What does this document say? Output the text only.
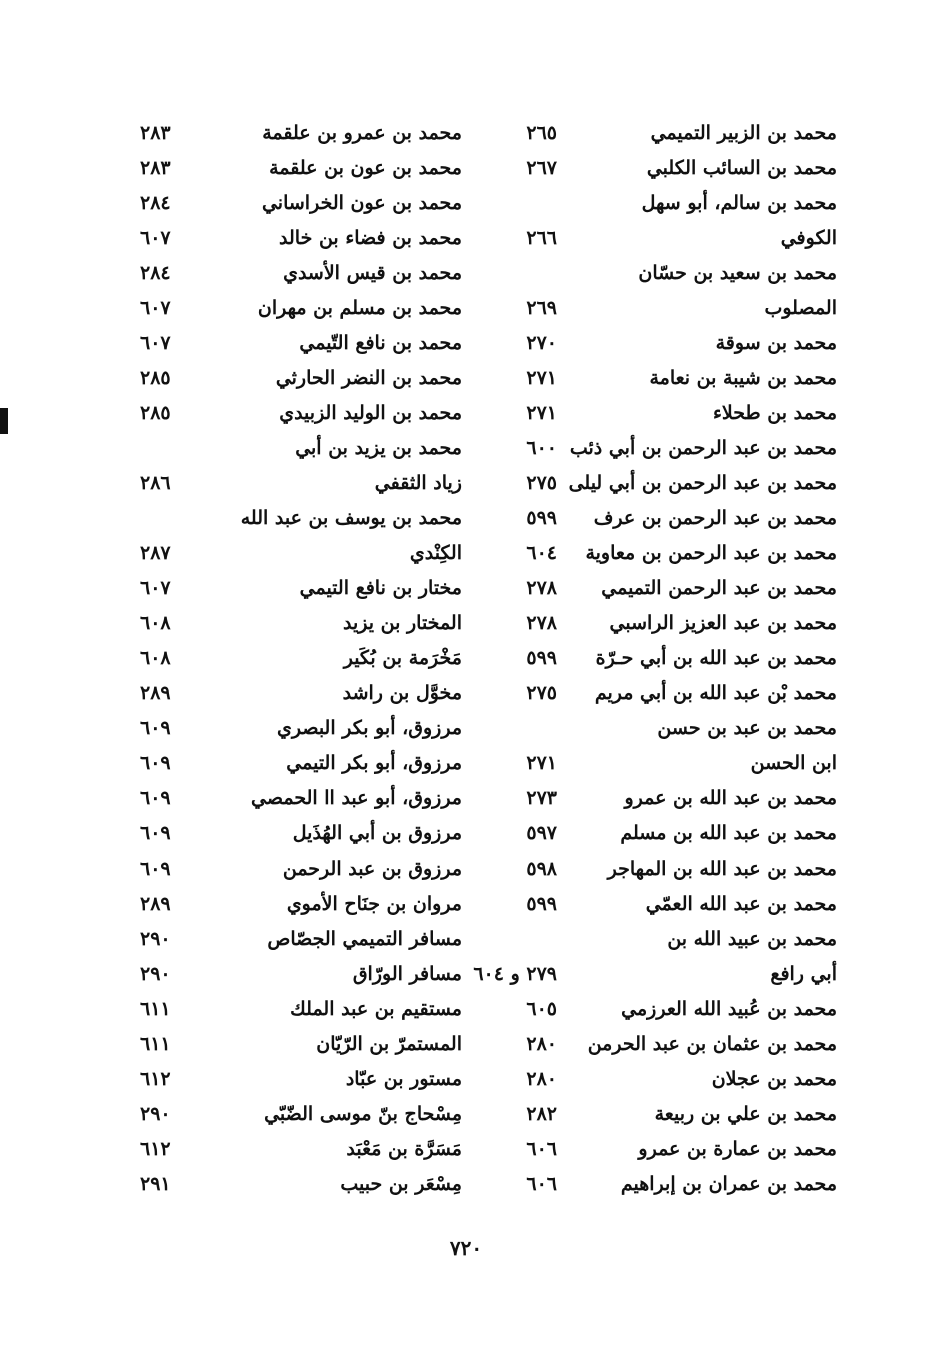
محمد بن الزبير التميمي
٢٦٥
محمد بن السائب الكلبي
٢٦٧
محمد بن سالم، أبو سهل
الكوفي
٢٦٦
محمد بن سعيد بن حسّان
المصلوب
٢٦٩
محمد بن سوقة
٢٧٠
محمد بن شيبة بن نعامة
٢٧١
محمد بن طحلاء
٢٧١
محمد بن عبد الرحمن بن أبي ذئب
٦٠٠
محمد بن عبد الرحمن بن أبي ليلى
٢٧٥
محمد بن عبد الرحمن بن عرف
٥٩٩
محمد بن عبد الرحمن بن معاوية
٦٠٤
محمد بن عبد الرحمن التميمي
٢٧٨
محمد بن عبد العزيز الراسبي
٢٧٨
محمد بن عبد الله بن أبي حـرّة
٥٩٩
محمد بْن عبد الله بن أبي مريم
٢٧٥
محمد بن عبد بن حسن
ابن الحسن
٢٧١
محمد بن عبد الله بن عمرو
٢٧٣
محمد بن عبد الله بن مسلم
٥٩٧
محمد بن عبد الله بن المهاجر
٥٩٨
محمد بن عبد الله العمّي
٥٩٩
محمد بن عبيد الله بن
أبي رافع
٢٧٩ و ٦٠٤
محمد بن عُبيد الله العرزمي
٦٠٥
محمد بن عثمان بن عبد الحرمن
٢٨٠
محمد بن عجلان
٢٨٠
محمد بن علي بن ربيعة
٢٨٢
محمد بن عمارة بن عمرو
٦٠٦
محمد بن عمران بن إبراهيم
٦٠٦
محمد بن عمرو بن علقمة
٢٨٣
محمد بن عون بن علقمة
٢٨٣
محمد بن عون الخراساني
٢٨٤
محمد بن فضاء بن خالد
٦٠٧
محمد بن قيس الأسدي
٢٨٤
محمد بن مسلم بن مهران
٦٠٧
محمد بن نافع التّيمي
٦٠٧
محمد بن النضر الحارثي
٢٨٥
محمد بن الوليد الزبيدي
٢٨٥
محمد بن يزيد بن أبي
زياد الثقفي
٢٨٦
محمد بن يوسف بن عبد الله
الكِنْدي
٢٨٧
مختار بن نافع التيمي
٦٠٧
المختار بن يزيد
٦٠٨
مَخْرَمة بن بُكَير
٦٠٨
مخوَّل بن راشد
٢٨٩
مرزوق، أبو بكر البصري
٦٠٩
مرزوق، أبو بكر التيمي
٦٠٩
مرزوق، أبو عبد اا الحمصي
٦٠٩
مرزوق بن أبي الهُذَيل
٦٠٩
مرزوق بن عبد الرحمن
٦٠٩
مروان بن جنَاح الأموي
٢٨٩
مسافر التميمي الجصّاص
٢٩٠
مسافر الورّاق
٢٩٠
مستقيم بن عبد الملك
٦١١
المستمرّ بن الرّيّان
٦١١
مستور بن عبّاد
٦١٢
مِسْحاج بنّ موسى الضّبّي
٢٩٠
مَسَرَّة بن مَعْبَد
٦١٢
مِسْعَر بن حبيب
٢٩١
٧٢٠
